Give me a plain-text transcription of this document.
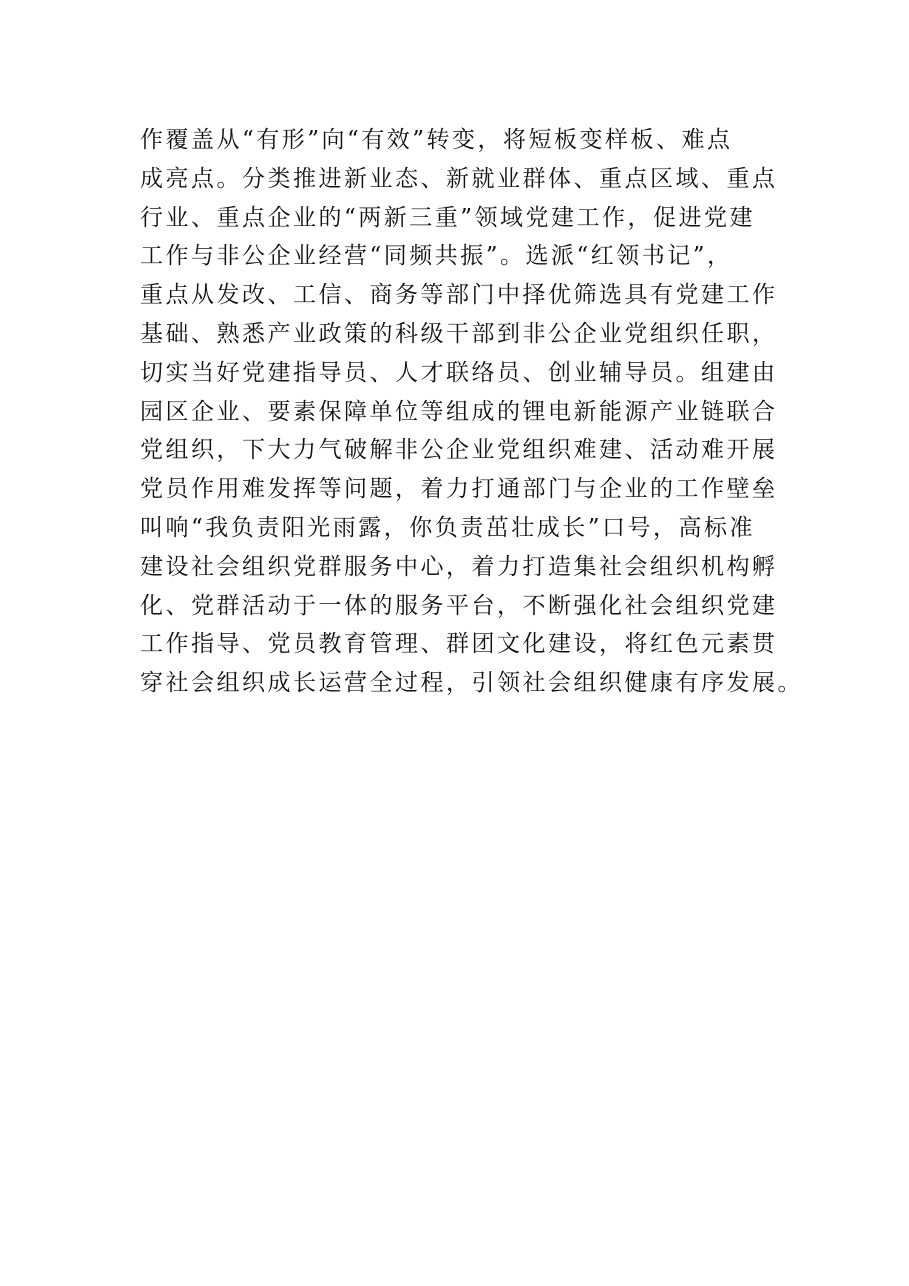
作覆盖从“有形”向“有效”转变，将短板变样板、难点
成亮点。分类推进新业态、新就业群体、重点区域、重点
行业、重点企业的“两新三重”领域党建工作，促进党建
工作与非公企业经营“同频共振”。选派“红领书记”，
重点从发改、工信、商务等部门中择优筛选具有党建工作
基础、熟悉产业政策的科级干部到非公企业党组织任职，
切实当好党建指导员、人才联络员、创业辅导员。组建由
园区企业、要素保障单位等组成的锂电新能源产业链联合
党组织，下大力气破解非公企业党组织难建、活动难开展
党员作用难发挥等问题，着力打通部门与企业的工作壁垒
叫响“我负责阳光雨露，你负责茁壮成长”口号，高标准
建设社会组织党群服务中心，着力打造集社会组织机构孵
化、党群活动于一体的服务平台，不断强化社会组织党建
工作指导、党员教育管理、群团文化建设，将红色元素贯
穿社会组织成长运营全过程，引领社会组织健康有序发展。
